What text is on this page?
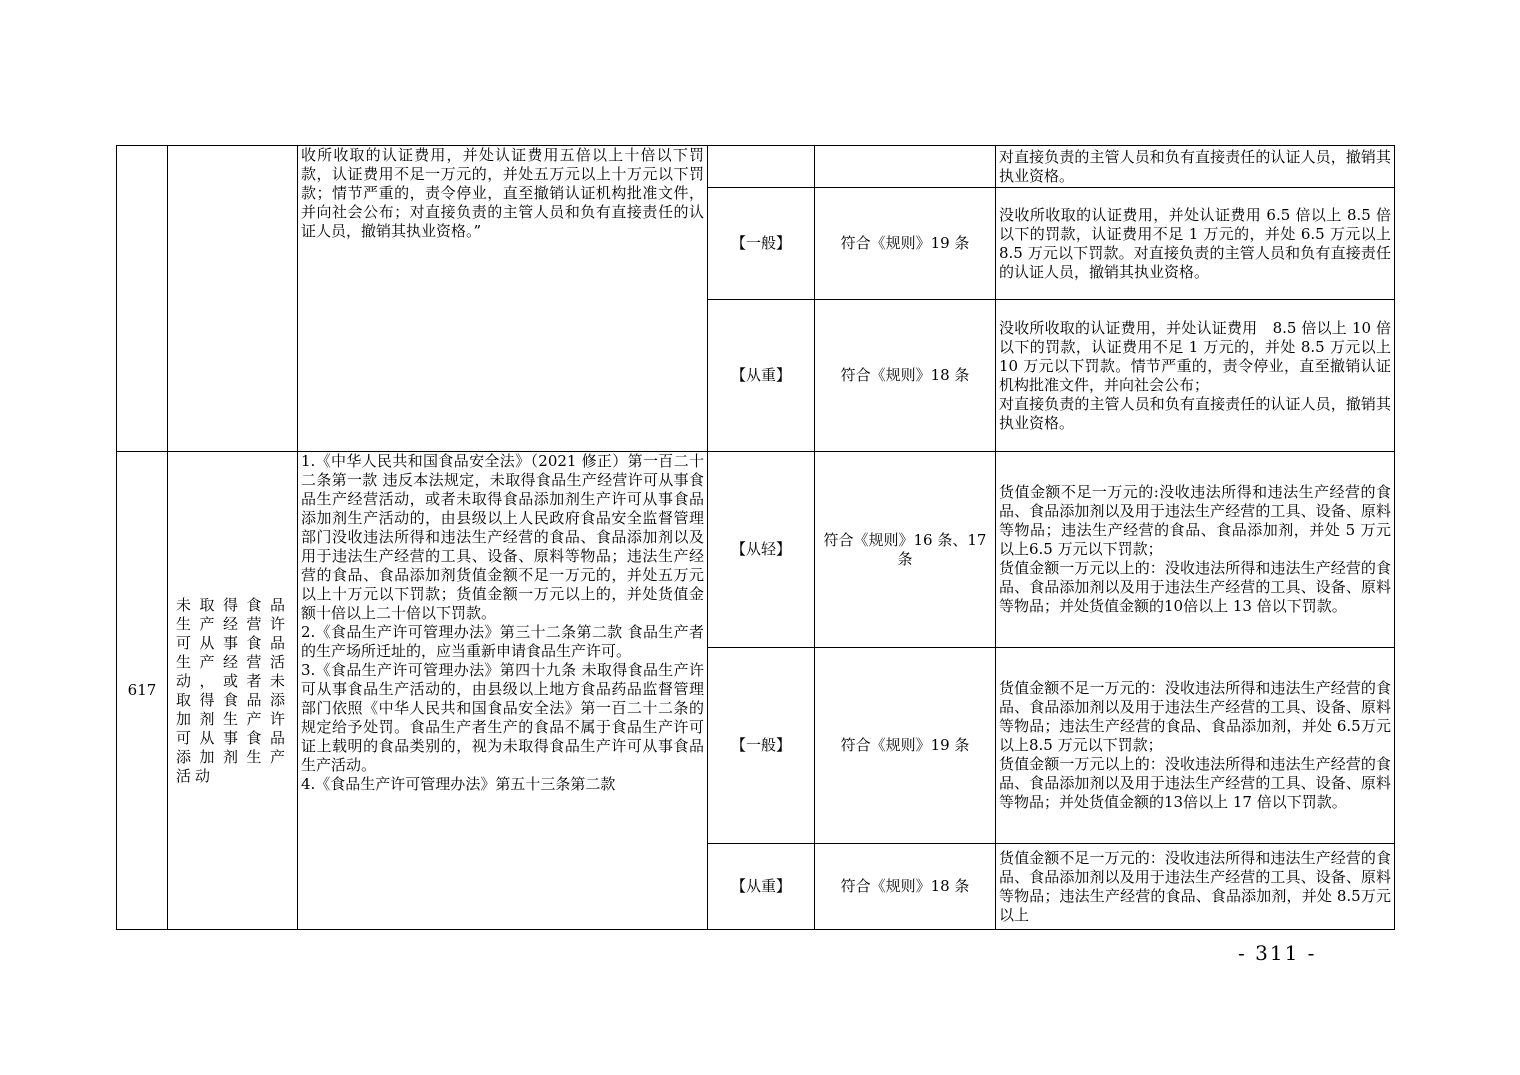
		收所收取的认证费用，并处认证费用五倍以上十倍以下罚款，认证费用不足一万元的，并处五万元以上十万元以下罚款；情节严重的，责令停业，直至撤销认证机构批准文件，并向社会公布；对直接负责的主管人员和负有直接责任的认证人员，撤销其执业资格。”			对直接负责的主管人员和负有直接责任的认证人员，撤销其执业资格。

			【一般】	符合《规则》19 条	没收所收取的认证费用，并处认证费用 6.5 倍以上 8.5 倍以下的罚款，认证费用不足 1 万元的，并处 6.5 万元以上 8.5 万元以下罚款。对直接负责的主管人员和负有直接责任的认证人员，撤销其执业资格。

			【从重】	符合《规则》18 条	没收所收取的认证费用，并处认证费用　8.5 倍以上 10 倍 以下的罚款，认证费用不足 1 万元的，并处 8.5 万元以上10 万元以下罚款。情节严重的，责令停业，直至撤销认证机构批准文件，并向社会公布；
对直接负责的主管人员和负有直接责任的认证人员，撤销其执业资格。

617	未取得食品生产经营许可从事食品生产经营活动，或者未取得食品添加剂生产许可从事食品添加剂生产活动	1.《中华人民共和国食品安全法》（2021 修正）第一百二十二条第一款 违反本法规定，未取得食品生产经营许可从事食品生产经营活动，或者未取得食品添加剂生产许可从事食品添加剂生产活动的，由县级以上人民政府食品安全监督管理部门没收违法所得和违法生产经营的食品、食品添加剂以及用于违法生产经营的工具、设备、原料等物品；违法生产经营的食品、食品添加剂货值金额不足一万元的，并处五万元以上十万元以下罚款；货值金额一万元以上的，并处货值金额十倍以上二十倍以下罚款。
2.《食品生产许可管理办法》第三十二条第二款 食品生产者的生产场所迁址的，应当重新申请食品生产许可。
3.《食品生产许可管理办法》第四十九条 未取得食品生产许可从事食品生产活动的，由县级以上地方食品药品监督管理部门依照《中华人民共和国食品安全法》第一百二十二条的规定给予处罚。食品生产者生产的食品不属于食品生产许可证上载明的食品类别的，视为未取得食品生产许可从事食品生产活动。
4.《食品生产许可管理办法》第五十三条第二款	【从轻】	符合《规则》16 条、17 条	货值金额不足一万元的:没收违法所得和违法生产经营的食品、食品添加剂以及用于违法生产经营的工具、设备、原料等物品；违法生产经营的食品、食品添加剂，并处 5 万元以上6.5 万元以下罚款；
货值金额一万元以上的：没收违法所得和违法生产经营的食品、食品添加剂以及用于违法生产经营的工具、设备、原料等物品；并处货值金额的10倍以上 13 倍以下罚款。

			【一般】	符合《规则》19 条	货值金额不足一万元的：没收违法所得和违法生产经营的食品、食品添加剂以及用于违法生产经营的工具、设备、原料等物品；违法生产经营的食品、食品添加剂，并处 6.5万元以上8.5 万元以下罚款；
货值金额一万元以上的：没收违法所得和违法生产经营的食品、食品添加剂以及用于违法生产经营的工具、设备、原料等物品；并处货值金额的13倍以上 17 倍以下罚款。

			【从重】	符合《规则》18 条	货值金额不足一万元的：没收违法所得和违法生产经营的食品、食品添加剂以及用于违法生产经营的工具、设备、原料等物品；违法生产经营的食品、食品添加剂，并处 8.5万元以上
- 311 -
